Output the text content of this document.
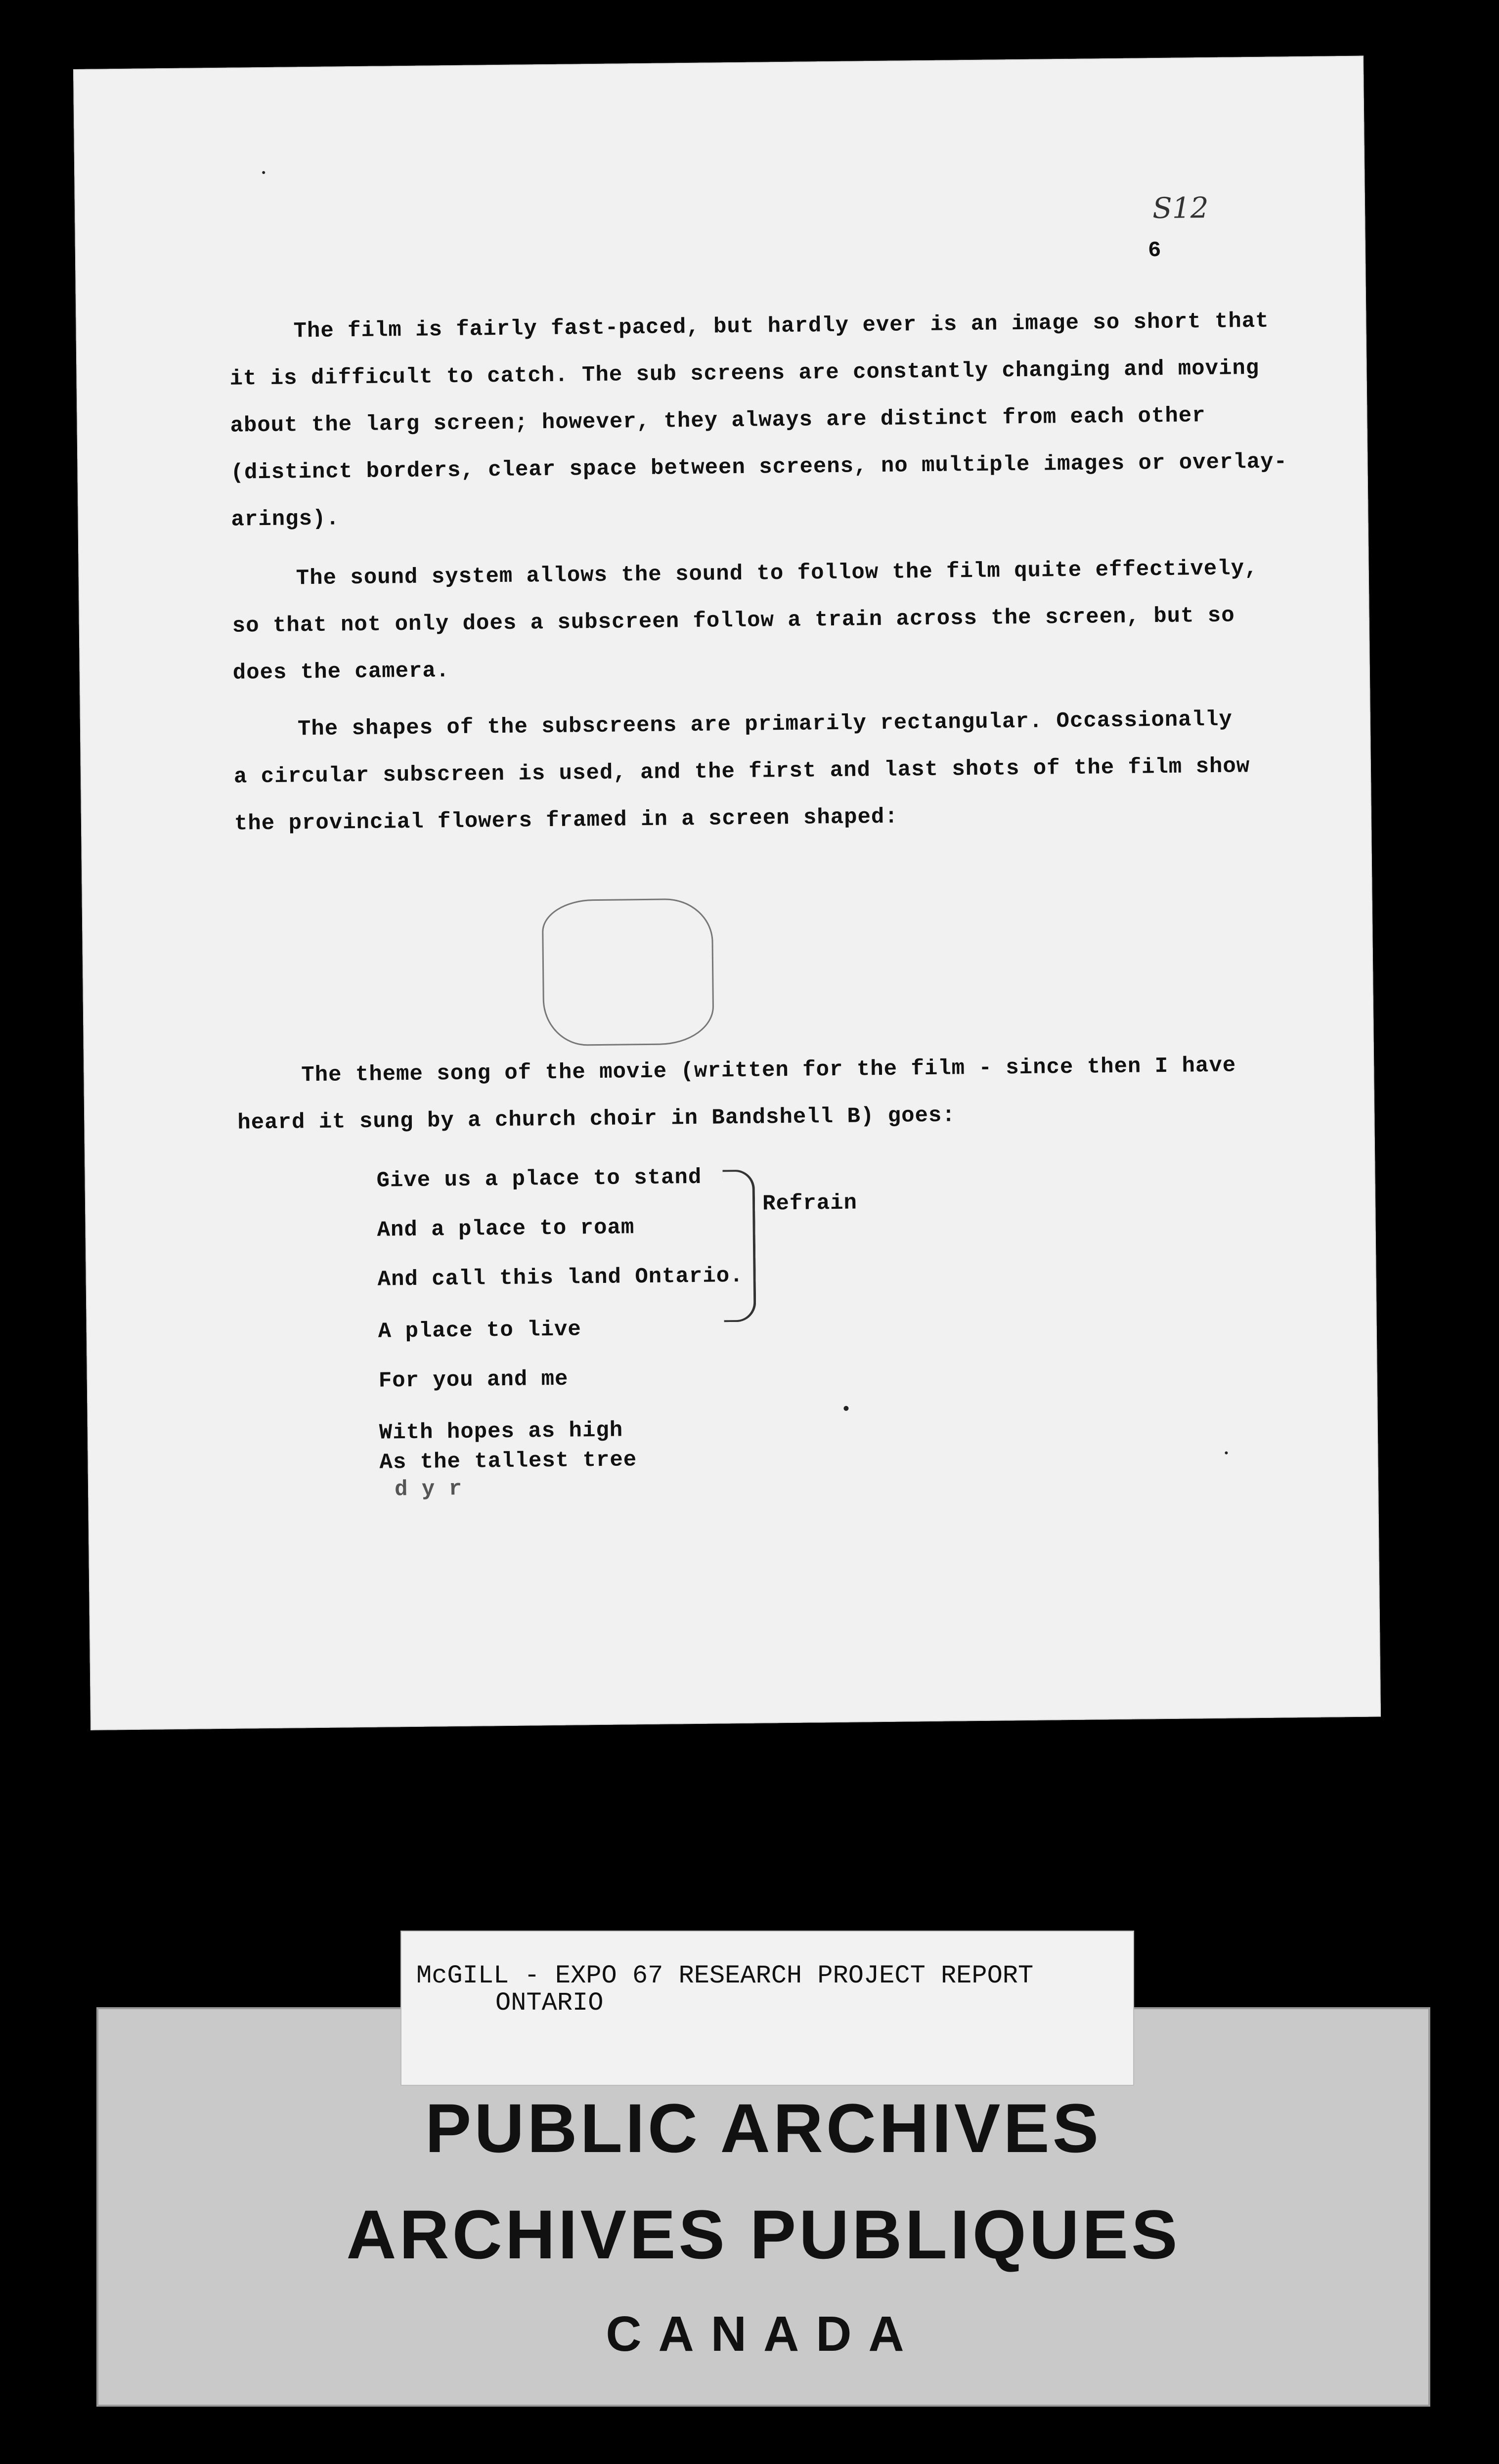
S12
6
The film is fairly fast-paced, but hardly ever is an image so short that
it is difficult to catch. The sub screens are constantly changing and moving
about the larg screen; however, they always are distinct from each other
(distinct borders, clear space between screens, no multiple images or overlay-
arings).
The sound system allows the sound to follow the film quite effectively,
so that not only does a subscreen follow a train across the screen, but so
does the camera.
The shapes of the subscreens are primarily rectangular. Occassionally
a circular subscreen is used, and the first and last shots of the film show
the provincial flowers framed in a screen shaped:
The theme song of the movie (written for the film - since then I have
heard it sung by a church choir in Bandshell B) goes:
Give us a place to stand
And a place to roam
And call this land Ontario.
A place to live
For you and me
With hopes as high
As the tallest tree
d y r
Refrain
PUBLIC ARCHIVES
ARCHIVES PUBLIQUES
CANADA
McGILL - EXPO 67 RESEARCH PROJECT REPORT
ONTARIO
